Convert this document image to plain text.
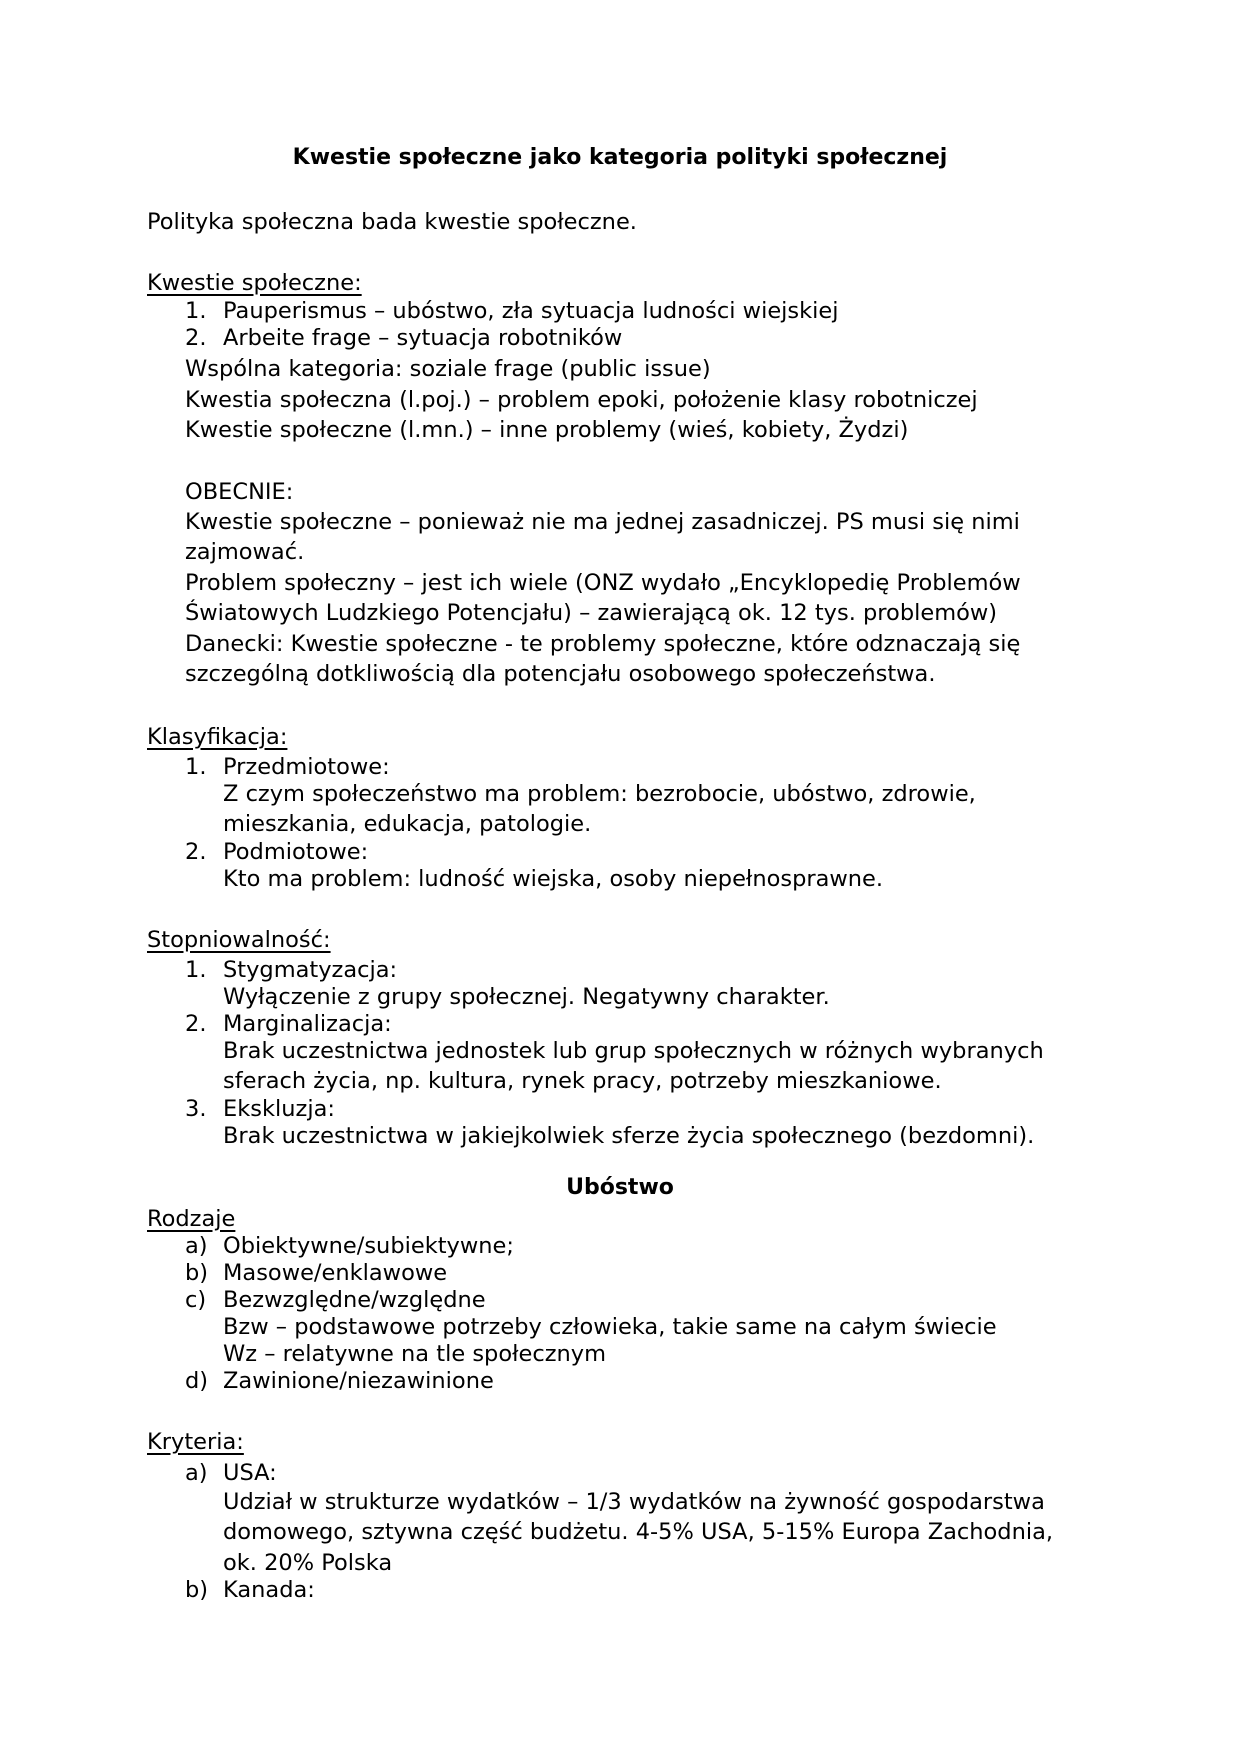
Kwestie społeczne jako kategoria polityki społecznej
Polityka społeczna bada kwestie społeczne.
Kwestie społeczne:
1. Pauperismus – ubóstwo, zła sytuacja ludności wiejskiej
2. Arbeite frage – sytuacja robotników
Wspólna kategoria: soziale frage (public issue)
Kwestia społeczna (l.poj.) – problem epoki, położenie klasy robotniczej
Kwestie społeczne (l.mn.) – inne problemy (wieś, kobiety, Żydzi)
OBECNIE:
Kwestie społeczne – ponieważ nie ma jednej zasadniczej. PS musi się nimi
zajmować.
Problem społeczny – jest ich wiele (ONZ wydało „Encyklopedię Problemów
Światowych Ludzkiego Potencjału) – zawierającą ok. 12 tys. problemów)
Danecki: Kwestie społeczne - te problemy społeczne, które odznaczają się
szczególną dotkliwością dla potencjału osobowego społeczeństwa.
Klasyfikacja:
1. Przedmiotowe:
Z czym społeczeństwo ma problem: bezrobocie, ubóstwo, zdrowie,
mieszkania, edukacja, patologie.
2. Podmiotowe:
Kto ma problem: ludność wiejska, osoby niepełnosprawne.
Stopniowalność:
1. Stygmatyzacja:
Wyłączenie z grupy społecznej. Negatywny charakter.
2. Marginalizacja:
Brak uczestnictwa jednostek lub grup społecznych w różnych wybranych
sferach życia, np. kultura, rynek pracy, potrzeby mieszkaniowe.
3. Ekskluzja:
Brak uczestnictwa w jakiejkolwiek sferze życia społecznego (bezdomni).
Ubóstwo
Rodzaje
a) Obiektywne/subiektywne;
b) Masowe/enklawowe
c) Bezwzględne/względne
Bzw – podstawowe potrzeby człowieka, takie same na całym świecie
Wz – relatywne na tle społecznym
d) Zawinione/niezawinione
Kryteria:
a) USA:
Udział w strukturze wydatków – 1/3 wydatków na żywność gospodarstwa
domowego, sztywna część budżetu. 4-5% USA, 5-15% Europa Zachodnia,
ok. 20% Polska
b) Kanada:
